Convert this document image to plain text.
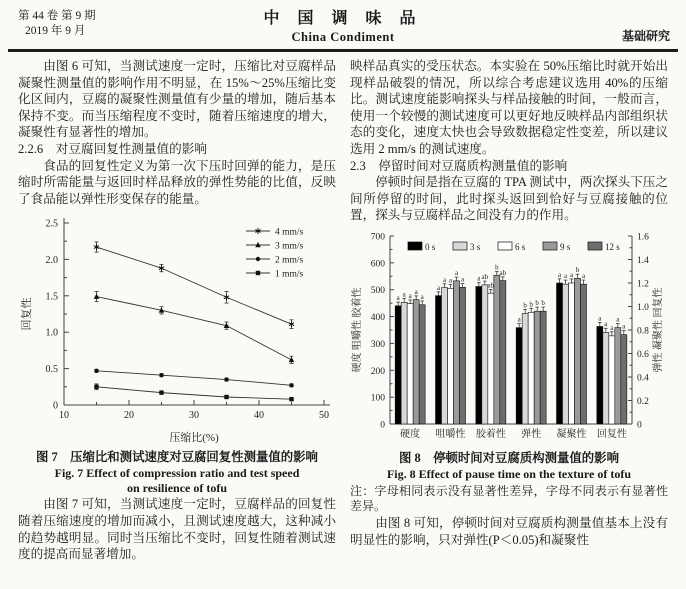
第 44 卷 第 9 期
2019 年 9 月
中 国 调 味 品
China Condiment	基础研究

由图 6 可知，当测试速度一定时，压缩比对豆腐样品凝聚性测量值的影响作用不明显，在 15%～25%压缩比变化区间内，豆腐的凝聚性测量值有少量的增加，随后基本保持不变。而当压缩程度不变时，随着压缩速度的增大，凝聚性有显著性的增加。

2.2.6　对豆腐回复性测量值的影响

食品的回复性定义为第一次下压时回弹的能力，是压缩时所需能量与返回时样品释放的弹性势能的比值，反映了食品能以弹性形变保存的能量。

0
0.5
1.0
1.5
2.0
2.5
10	20	30	40	50
压缩比(%)
回复性
4 mm/s
3 mm/s
2 mm/s
1 mm/s
图 7　压缩比和测试速度对豆腐回复性测量值的影响
Fig. 7 Effect of compression ratio and test speed
on resilience of tofu

由图 7 可知，当测试速度一定时，豆腐样品的回复性随着压缩速度的增加而减小，且测试速度越大，这种减小的趋势越明显。同时当压缩比不变时，回复性随着测试速度的提高而显著增加。

映样品真实的受压状态。本实验在 50%压缩比时就开始出现样品破裂的情况，所以综合考虑建议选用 40%的压缩比。测试速度能影响探头与样品接触的时间，一般而言，使用一个较慢的测试速度可以更好地反映样品内部组织状态的变化，速度太快也会导致数据稳定性变差，所以建议选用 2 mm/s 的测试速度。

2.3　停留时间对豆腐质构测量值的影响

停顿时间是指在豆腐的 TPA 测试中，两次探头下压之间所停留的时间，此时探头返回到恰好与豆腐接触的位置，探头与豆腐样品之间没有力的作用。

0
100
200
300
400
500
600
700
0
0.2
0.4
0.6
0.8
1.0
1.2
1.4
1.6
硬度 咀嚼性 胶着性	弹性 凝聚性 回复性
硬度
a a a
a
a
咀嚼性
a
a a
a
a
胶着性
a ab
ab
b
ab
弹性
a
b b b b
凝聚性
a a a
b
a
回复性
a
a a
a
a
0 s	3 s	6 s	9 s	12 s
图 8　停顿时间对豆腐质构测量值的影响
Fig. 8 Effect of pause time on the texture of tofu

注：字母相同表示没有显著性差异，字母不同表示有显著性差异。

由图 8 可知，停顿时间对豆腐质构测量值基本上没有明显性的影响，只对弹性(P＜0.05)和凝聚性
